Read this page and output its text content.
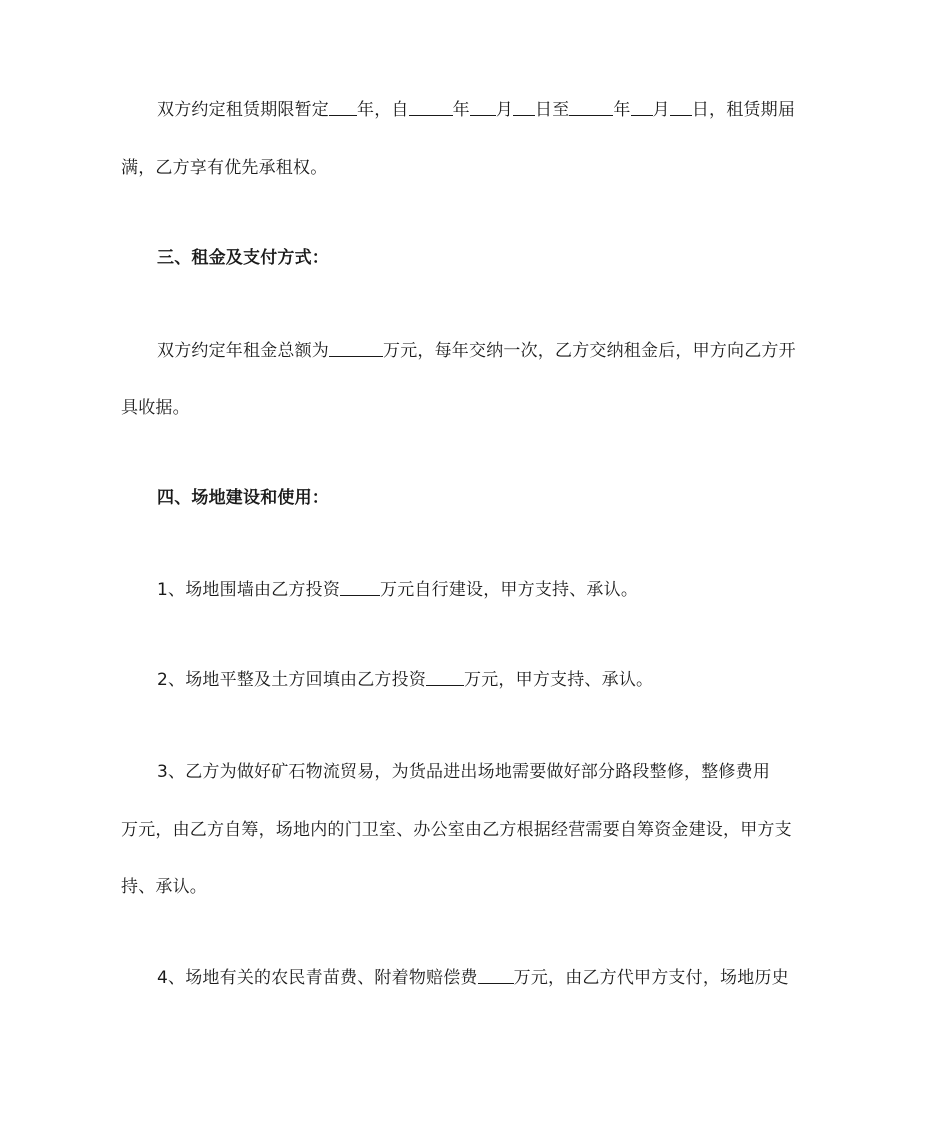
双方约定租赁期限暂定 年，自	年 月 日至	年 月 日，租赁期届
满，乙方享有优先承租权。
三、租金及支付方式：
双方约定年租金总额为	万元，每年交纳一次，乙方交纳租金后，甲方向乙方开
具收据。
四、场地建设和使用：
1、场地围墙由乙方投资 万元自行建设，甲方支持、承认。
2、场地平整及土方回填由乙方投资 万元，甲方支持、承认。
3、乙方为做好矿石物流贸易，为货品进出场地需要做好部分路段整修，整修费用
万元，由乙方自筹，场地内的门卫室、办公室由乙方根据经营需要自筹资金建设，甲方支
持、承认。
4、场地有关的农民青苗费、附着物赔偿费 万元，由乙方代甲方支付，场地历史
